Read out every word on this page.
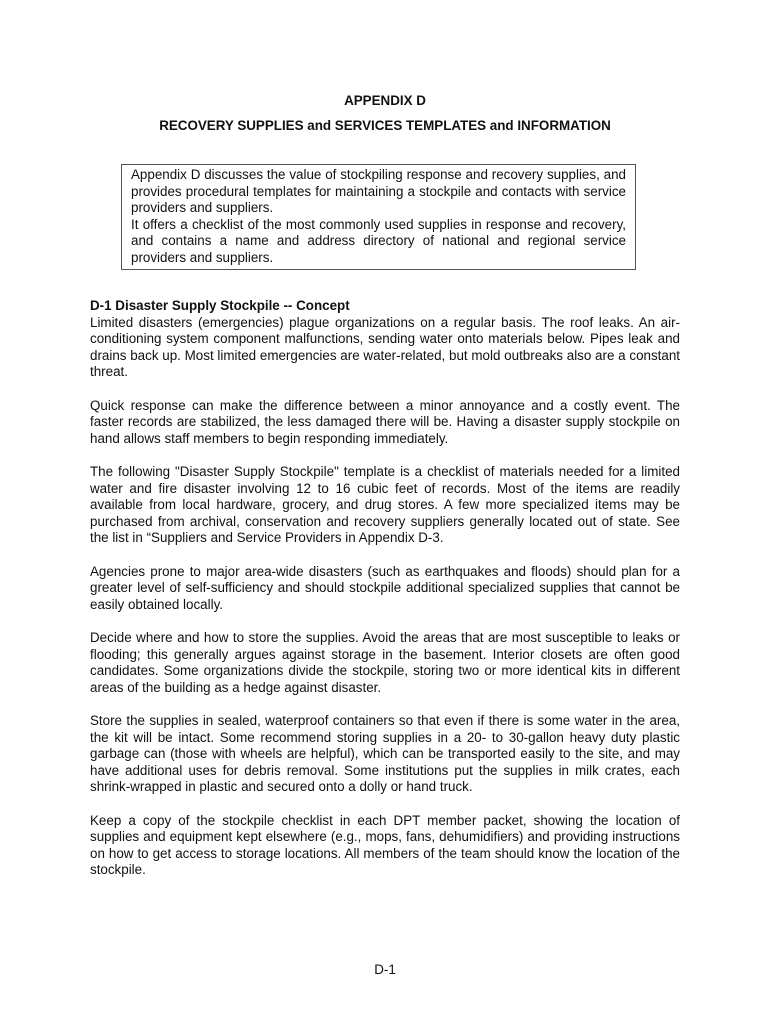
APPENDIX D
RECOVERY SUPPLIES and SERVICES TEMPLATES and INFORMATION

Appendix D discusses the value of stockpiling response and recovery supplies, and provides procedural templates for maintaining a stockpile and contacts with service providers and suppliers.

It offers a checklist of the most commonly used supplies in response and recovery, and contains a name and address directory of national and regional service providers and suppliers.

D-1 Disaster Supply Stockpile -- Concept

Limited disasters (emergencies) plague organizations on a regular basis. The roof leaks. An air-conditioning system component malfunctions, sending water onto materials below. Pipes leak and drains back up. Most limited emergencies are water-related, but mold outbreaks also are a constant threat.

Quick response can make the difference between a minor annoyance and a costly event. The faster records are stabilized, the less damaged there will be. Having a disaster supply stockpile on hand allows staff members to begin responding immediately.

The following "Disaster Supply Stockpile" template is a checklist of materials needed for a limited water and fire disaster involving 12 to 16 cubic feet of records. Most of the items are readily available from local hardware, grocery, and drug stores. A few more specialized items may be purchased from archival, conservation and recovery suppliers generally located out of state. See the list in “Suppliers and Service Providers in Appendix D-3.

Agencies prone to major area-wide disasters (such as earthquakes and floods) should plan for a greater level of self-sufficiency and should stockpile additional specialized supplies that cannot be easily obtained locally.

Decide where and how to store the supplies. Avoid the areas that are most susceptible to leaks or flooding; this generally argues against storage in the basement. Interior closets are often good candidates. Some organizations divide the stockpile, storing two or more identical kits in different areas of the building as a hedge against disaster.

Store the supplies in sealed, waterproof containers so that even if there is some water in the area, the kit will be intact. Some recommend storing supplies in a 20- to 30-gallon heavy duty plastic garbage can (those with wheels are helpful), which can be transported easily to the site, and may have additional uses for debris removal. Some institutions put the supplies in milk crates, each shrink-wrapped in plastic and secured onto a dolly or hand truck.

Keep a copy of the stockpile checklist in each DPT member packet, showing the location of supplies and equipment kept elsewhere (e.g., mops, fans, dehumidifiers) and providing instructions on how to get access to storage locations. All members of the team should know the location of the stockpile.

D-1
